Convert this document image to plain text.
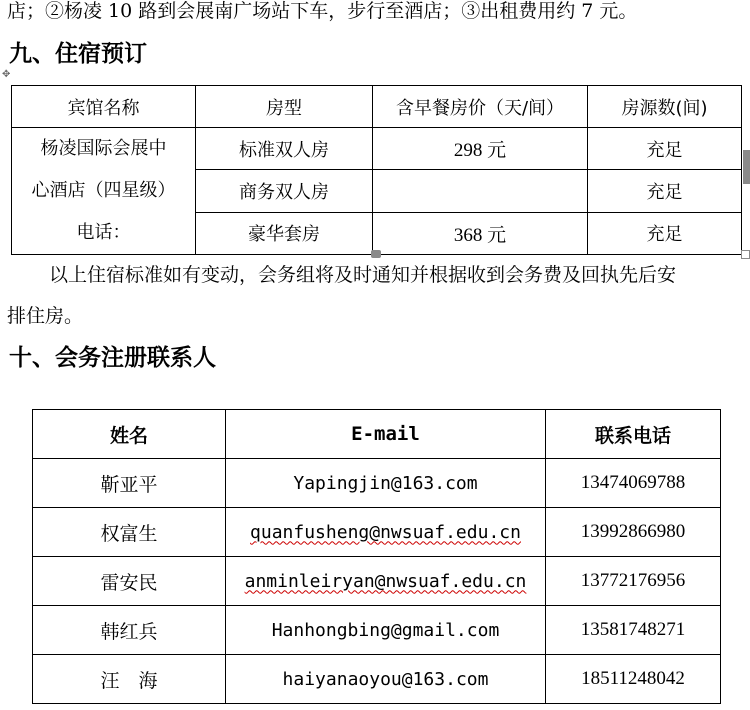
店；②杨凌 10 路到会展南广场站下车，步行至酒店；③出租费用约 7 元。
九、住宿预订
✥
宾馆名称	房型	含早餐房价（天/间）	房源数(间)

杨凌国际会展中
心酒店（四星级）
电话：	标准双人房	298 元	充足
	商务双人房		充足
	豪华套房	368 元	充足
以上住宿标准如有变动，会务组将及时通知并根据收到会务费及回执先后安
排住房。
十、会务注册联系人
姓名	E-mail	联系电话
靳亚平	Yapingjin@163.com	13474069788
权富生	quanfusheng@nwsuaf.edu.cn	13992866980
雷安民	anminleiryan@nwsuaf.edu.cn	13772176956
韩红兵	Hanhongbing@gmail.com	13581748271
汪　海	haiyanaoyou@163.com	18511248042
